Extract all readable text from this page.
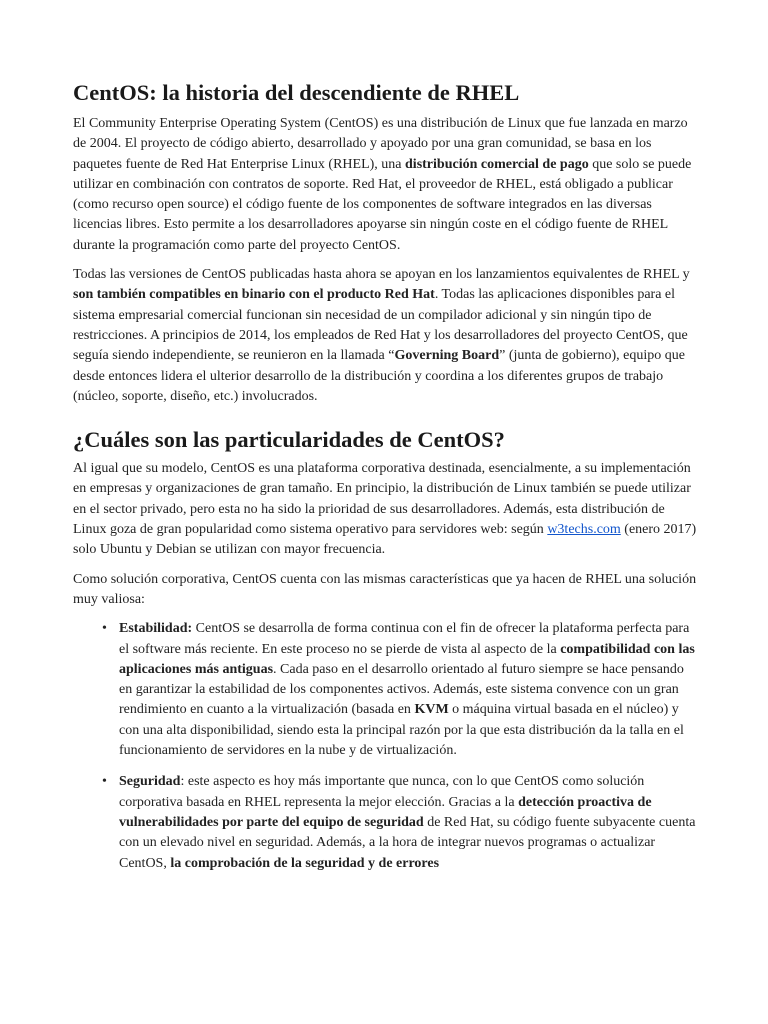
CentOS: la historia del descendiente de RHEL

El Community Enterprise Operating System (CentOS) es una distribución de Linux que fue lanzada en marzo de 2004. El proyecto de código abierto, desarrollado y apoyado por una gran comunidad, se basa en los paquetes fuente de Red Hat Enterprise Linux (RHEL), una distribución comercial de pago que solo se puede utilizar en combinación con contratos de soporte. Red Hat, el proveedor de RHEL, está obligado a publicar (como recurso open source) el código fuente de los componentes de software integrados en las diversas licencias libres. Esto permite a los desarrolladores apoyarse sin ningún coste en el código fuente de RHEL durante la programación como parte del proyecto CentOS.

Todas las versiones de CentOS publicadas hasta ahora se apoyan en los lanzamientos equivalentes de RHEL y son también compatibles en binario con el producto Red Hat. Todas las aplicaciones disponibles para el sistema empresarial comercial funcionan sin necesidad de un compilador adicional y sin ningún tipo de restricciones. A principios de 2014, los empleados de Red Hat y los desarrolladores del proyecto CentOS, que seguía siendo independiente, se reunieron en la llamada “Governing Board” (junta de gobierno), equipo que desde entonces lidera el ulterior desarrollo de la distribución y coordina a los diferentes grupos de trabajo (núcleo, soporte, diseño, etc.) involucrados.

¿Cuáles son las particularidades de CentOS?

Al igual que su modelo, CentOS es una plataforma corporativa destinada, esencialmente, a su implementación en empresas y organizaciones de gran tamaño. En principio, la distribución de Linux también se puede utilizar en el sector privado, pero esta no ha sido la prioridad de sus desarrolladores. Además, esta distribución de Linux goza de gran popularidad como sistema operativo para servidores web: según w3techs.com (enero 2017) solo Ubuntu y Debian se utilizan con mayor frecuencia.

Como solución corporativa, CentOS cuenta con las mismas características que ya hacen de RHEL una solución muy valiosa:

• Estabilidad: CentOS se desarrolla de forma continua con el fin de ofrecer la plataforma perfecta para el software más reciente. En este proceso no se pierde de vista al aspecto de la compatibilidad con las aplicaciones más antiguas. Cada paso en el desarrollo orientado al futuro siempre se hace pensando en garantizar la estabilidad de los componentes activos. Además, este sistema convence con un gran rendimiento en cuanto a la virtualización (basada en KVM o máquina virtual basada en el núcleo) y con una alta disponibilidad, siendo esta la principal razón por la que esta distribución da la talla en el funcionamiento de servidores en la nube y de virtualización.
• Seguridad: este aspecto es hoy más importante que nunca, con lo que CentOS como solución corporativa basada en RHEL representa la mejor elección. Gracias a la detección proactiva de vulnerabilidades por parte del equipo de seguridad de Red Hat, su código fuente subyacente cuenta con un elevado nivel en seguridad. Además, a la hora de integrar nuevos programas o actualizar CentOS, la comprobación de la seguridad y de errores
